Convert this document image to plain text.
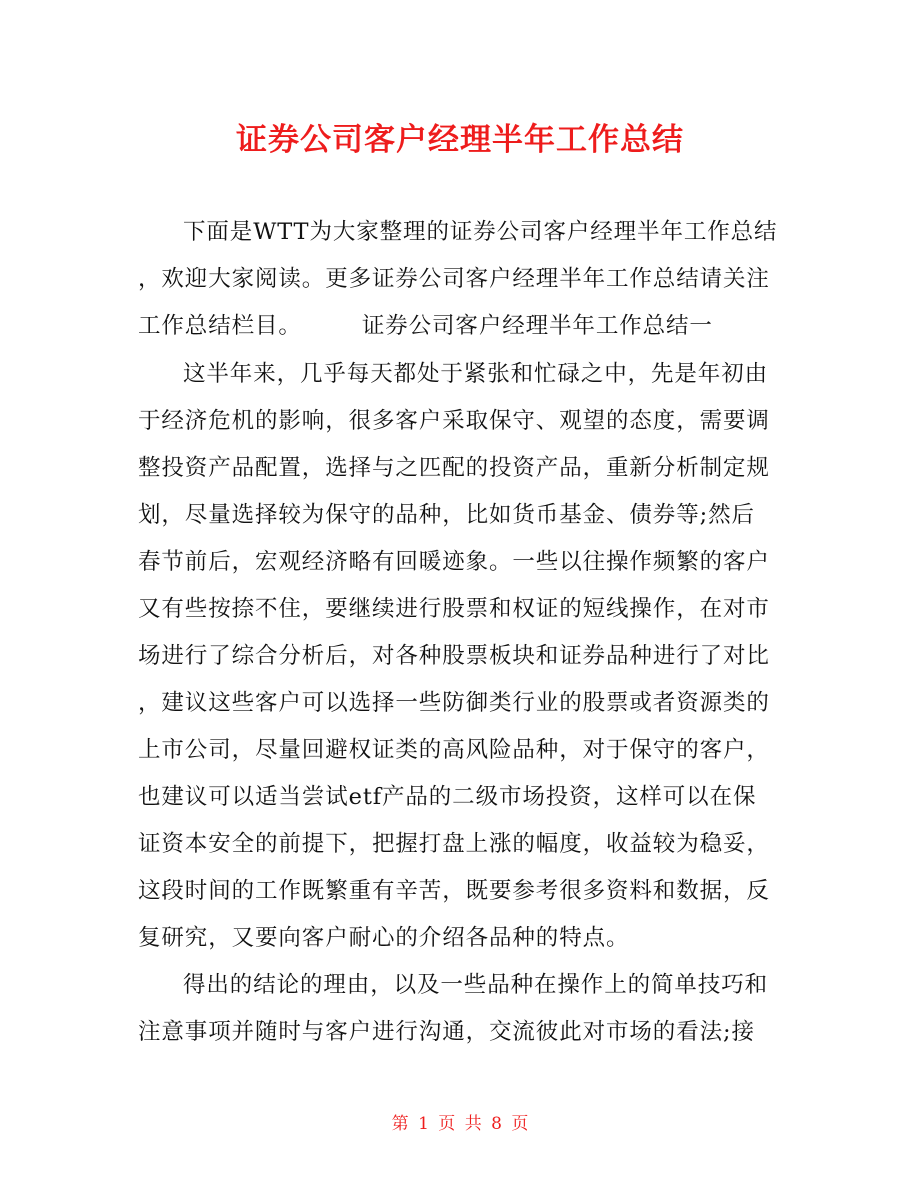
证券公司客户经理半年工作总结
下面是WTT为大家整理的证券公司客户经理半年工作总结
，欢迎大家阅读。更多证券公司客户经理半年工作总结请关注
工作总结栏目。	证券公司客户经理半年工作总结一
这半年来，几乎每天都处于紧张和忙碌之中，先是年初由
于经济危机的影响，很多客户采取保守、观望的态度，需要调
整投资产品配置，选择与之匹配的投资产品，重新分析制定规
划，尽量选择较为保守的品种，比如货币基金、债券等;然后
春节前后，宏观经济略有回暖迹象。一些以往操作频繁的客户
又有些按捺不住，要继续进行股票和权证的短线操作，在对市
场进行了综合分析后，对各种股票板块和证券品种进行了对比
，建议这些客户可以选择一些防御类行业的股票或者资源类的
上市公司，尽量回避权证类的高风险品种，对于保守的客户，
也建议可以适当尝试etf产品的二级市场投资，这样可以在保
证资本安全的前提下，把握打盘上涨的幅度，收益较为稳妥，
这段时间的工作既繁重有辛苦，既要参考很多资料和数据，反
复研究，又要向客户耐心的介绍各品种的特点。
得出的结论的理由，以及一些品种在操作上的简单技巧和
注意事项并随时与客户进行沟通，交流彼此对市场的看法;接
第 1 页 共 8 页
